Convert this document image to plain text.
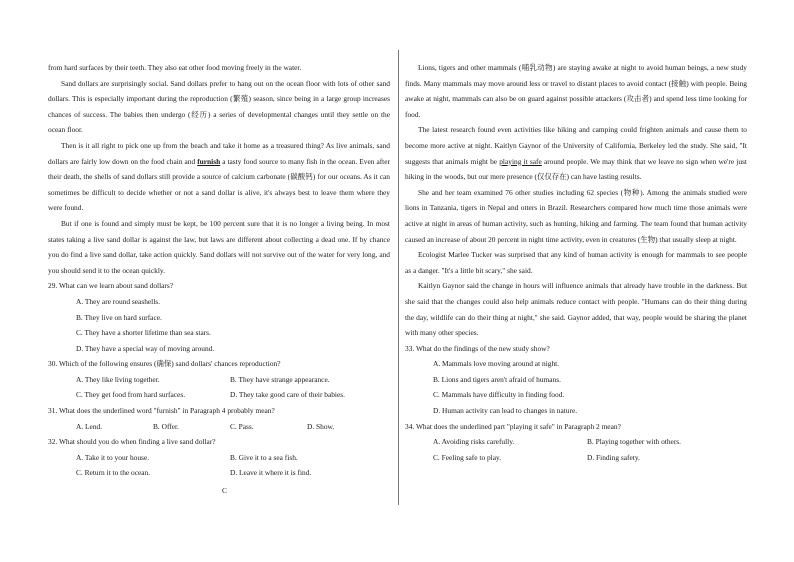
from hard surfaces by their teeth. They also eat other food moving freely in the water.

Sand dollars are surprisingly social. Sand dollars prefer to hang out on the ocean floor with lots of other sand dollars. This is especially important during the reproduction (繁殖) season, since being in a large group increases chances of success. The babies then undergo (经历) a series of developmental changes until they settle on the ocean floor.

Then is it all right to pick one up from the beach and take it home as a treasured thing? As live animals, sand dollars are fairly low down on the food chain and furnish a tasty food source to many fish in the ocean. Even after their death, the shells of sand dollars still provide a source of calcium carbonate (碳酸钙) for our oceans. As it can sometimes be difficult to decide whether or not a sand dollar is alive, it's always best to leave them where they were found.

But if one is found and simply must be kept, be 100 percent sure that it is no longer a living being. In most states taking a live sand dollar is against the law, but laws are different about collecting a dead one. If by chance you do find a live sand dollar, take action quickly. Sand dollars will not survive out of the water for very long, and you should send it to the ocean quickly.

29. What can we learn about sand dollars?

A. They are round seashells.

B. They live on hard surface.

C. They have a shorter lifetime than sea stars.

D. They have a special way of moving around.

30. Which of the following ensures (确保) sand dollars' chances reproduction?

A. They like living together.	B. They have strange appearance.
C. They get food from hard surfaces.	D. They take good care of their babies.

31. What does the underlined word "furnish" in Paragraph 4 probably mean?

A. Lend.	B. Offer.	C. Pass.	D. Show.

32. What should you do when finding a live sand dollar?

A. Take it to your house.	B. Give it to a sea fish.
C. Return it to the ocean.	D. Leave it where it is find.
C

Lions, tigers and other mammals (哺乳动物) are staying awake at night to avoid human beings, a new study finds. Many mammals may move around less or travel to distant places to avoid contact (接触) with people. Being awake at night, mammals can also be on guard against possible attackers (攻击者) and spend less time looking for food.

The latest research found even activities like hiking and camping could frighten animals and cause them to become more active at night. Kaitlyn Gaynor of the University of California, Berkeley led the study. She said, "It suggests that animals might be playing it safe around people. We may think that we leave no sign when we're just hiking in the woods, but our mere presence (仅仅存在) can have lasting results.

She and her team examined 76 other studies including 62 species (物种). Among the animals studied were lions in Tanzania, tigers in Nepal and otters in Brazil. Researchers compared how much time those animals were active at night in areas of human activity, such as hunting, hiking and farming. The team found that human activity caused an increase of about 20 percent in night time activity, even in creatures (生物) that usually sleep at night.

Ecologist Marlee Tucker was surprised that any kind of human activity is enough for mammals to see people as a danger. "It's a little bit scary," she said.

Kaitlyn Gaynor said the change in hours will influence animals that already have trouble in the darkness. But she said that the changes could also help animals reduce contact with people. "Humans can do their thing during the day, wildlife can do their thing at night," she said. Gaynor added, that way, people would be sharing the planet with many other species.

33. What do the findings of the new study show?

A. Mammals love moving around at night.

B. Lions and tigers aren't afraid of humans.

C. Mammals have difficulty in finding food.

D. Human activity can lead to changes in nature.

34. What does the underlined part "playing it safe" in Paragraph 2 mean?

A. Avoiding risks carefully.	B. Playing together with others.
C. Feeling safe to play.	D. Finding safety.
